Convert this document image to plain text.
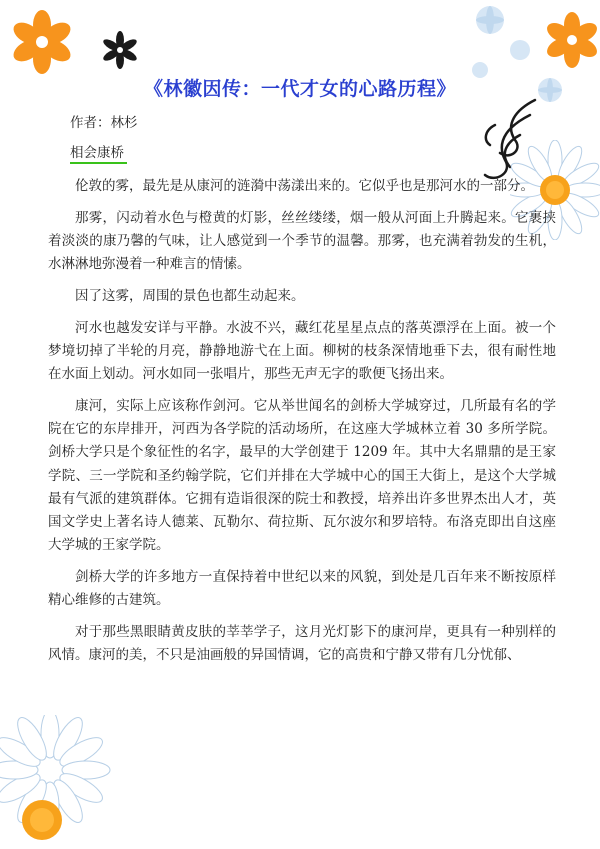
《林徽因传：一代才女的心路历程》
作者：林杉
相会康桥

伦敦的雾，最先是从康河的涟漪中荡漾出来的。它似乎也是那河水的一部分。

那雾，闪动着水色与橙黄的灯影，丝丝缕缕，烟一般从河面上升腾起来。它裹挟着淡淡的康乃馨的气味，让人感觉到一个季节的温馨。那雾，也充满着勃发的生机，水淋淋地弥漫着一种难言的情愫。

因了这雾，周围的景色也都生动起来。

河水也越发安详与平静。水波不兴，藏红花星星点点的落英漂浮在上面。被一个梦境切掉了半轮的月亮，静静地游弋在上面。柳树的枝条深情地垂下去，很有耐性地在水面上划动。河水如同一张唱片，那些无声无字的歌便飞扬出来。

康河，实际上应该称作剑河。它从举世闻名的剑桥大学城穿过，几所最有名的学院在它的东岸排开，河西为各学院的活动场所，在这座大学城林立着 30 多所学院。剑桥大学只是个象征性的名字，最早的大学创建于 1209 年。其中大名鼎鼎的是王家学院、三一学院和圣约翰学院，它们并排在大学城中心的国王大街上，是这个大学城最有气派的建筑群体。它拥有造诣很深的院士和教授，培养出许多世界杰出人才，英国文学史上著名诗人德莱、瓦勒尔、荷拉斯、瓦尔波尔和罗培特。布洛克即出自这座大学城的王家学院。

剑桥大学的许多地方一直保持着中世纪以来的风貌，到处是几百年来不断按原样精心维修的古建筑。

对于那些黑眼睛黄皮肤的莘莘学子，这月光灯影下的康河岸，更具有一种别样的风情。康河的美，不只是油画般的异国情调，它的高贵和宁静又带有几分忧郁、
